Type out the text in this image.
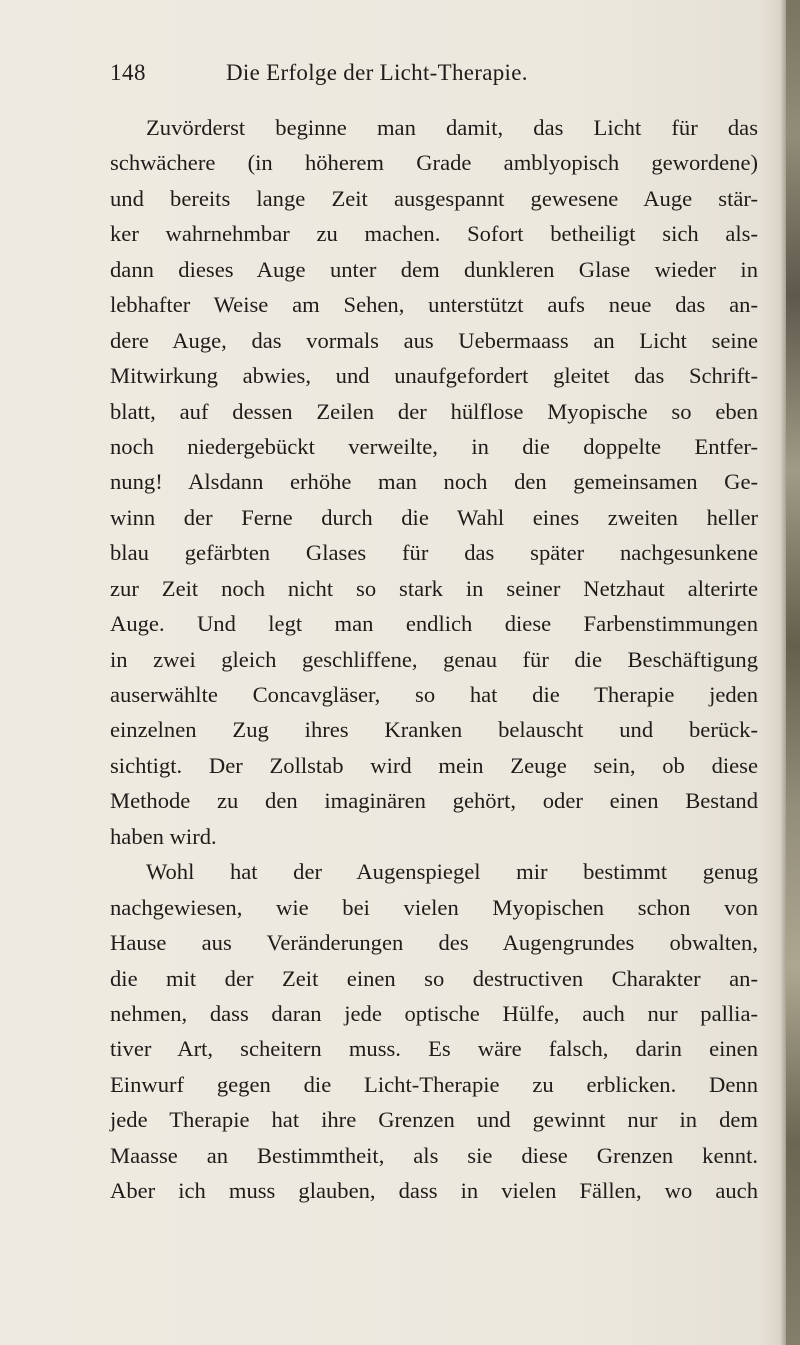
148	Die Erfolge der Licht-Therapie.
Zuvörderst beginne man damit, das Licht für das
schwächere (in höherem Grade amblyopisch gewordene)
und bereits lange Zeit ausgespannt gewesene Auge stär-
ker wahrnehmbar zu machen. Sofort betheiligt sich als-
dann dieses Auge unter dem dunkleren Glase wieder in
lebhafter Weise am Sehen, unterstützt aufs neue das an-
dere Auge, das vormals aus Uebermaass an Licht seine
Mitwirkung abwies, und unaufgefordert gleitet das Schrift-
blatt, auf dessen Zeilen der hülflose Myopische so eben
noch niedergebückt verweilte, in die doppelte Entfer-
nung! Alsdann erhöhe man noch den gemeinsamen Ge-
winn der Ferne durch die Wahl eines zweiten heller
blau gefärbten Glases für das später nachgesunkene
zur Zeit noch nicht so stark in seiner Netzhaut alterirte
Auge. Und legt man endlich diese Farbenstimmungen
in zwei gleich geschliffene, genau für die Beschäftigung
auserwählte Concavgläser, so hat die Therapie jeden
einzelnen Zug ihres Kranken belauscht und berück-
sichtigt. Der Zollstab wird mein Zeuge sein, ob diese
Methode zu den imaginären gehört, oder einen Bestand
haben wird.
Wohl hat der Augenspiegel mir bestimmt genug
nachgewiesen, wie bei vielen Myopischen schon von
Hause aus Veränderungen des Augengrundes obwalten,
die mit der Zeit einen so destructiven Charakter an-
nehmen, dass daran jede optische Hülfe, auch nur pallia-
tiver Art, scheitern muss. Es wäre falsch, darin einen
Einwurf gegen die Licht-Therapie zu erblicken. Denn
jede Therapie hat ihre Grenzen und gewinnt nur in dem
Maasse an Bestimmtheit, als sie diese Grenzen kennt.
Aber ich muss glauben, dass in vielen Fällen, wo auch
